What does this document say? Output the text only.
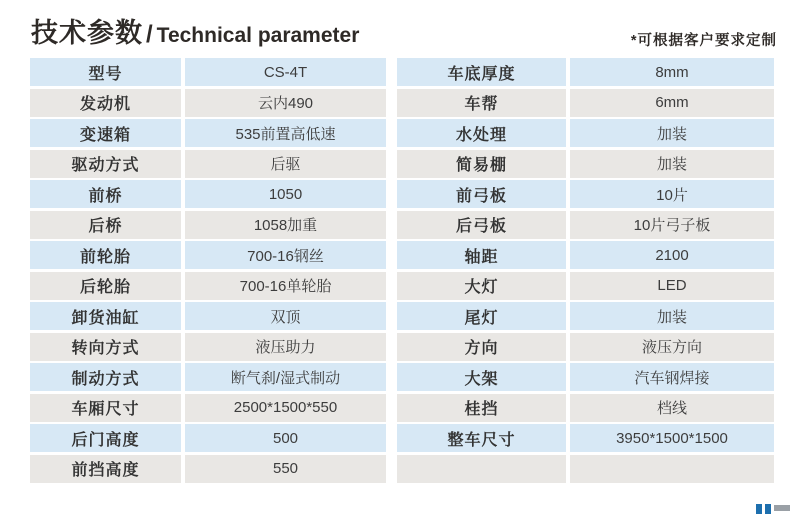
技术参数 / Technical parameter	*可根据客户要求定制
型号	CS-4T
发动机	云内490
变速箱	535前置高低速
驱动方式	后驱
前桥	1050
后桥	1058加重
前轮胎	700-16钢丝
后轮胎	700-16单轮胎
卸货油缸	双顶
转向方式	液压助力
制动方式	断气刹/湿式制动
车厢尺寸	2500*1500*550
后门高度	500
前挡高度	550
车底厚度	8mm
车帮	6mm
水处理	加装
简易棚	加装
前弓板	10片
后弓板	10片弓子板
轴距	2100
大灯	LED
尾灯	加装
方向	液压方向
大架	汽车钢焊接
桂挡	档线
整车尺寸	3950*1500*1500
